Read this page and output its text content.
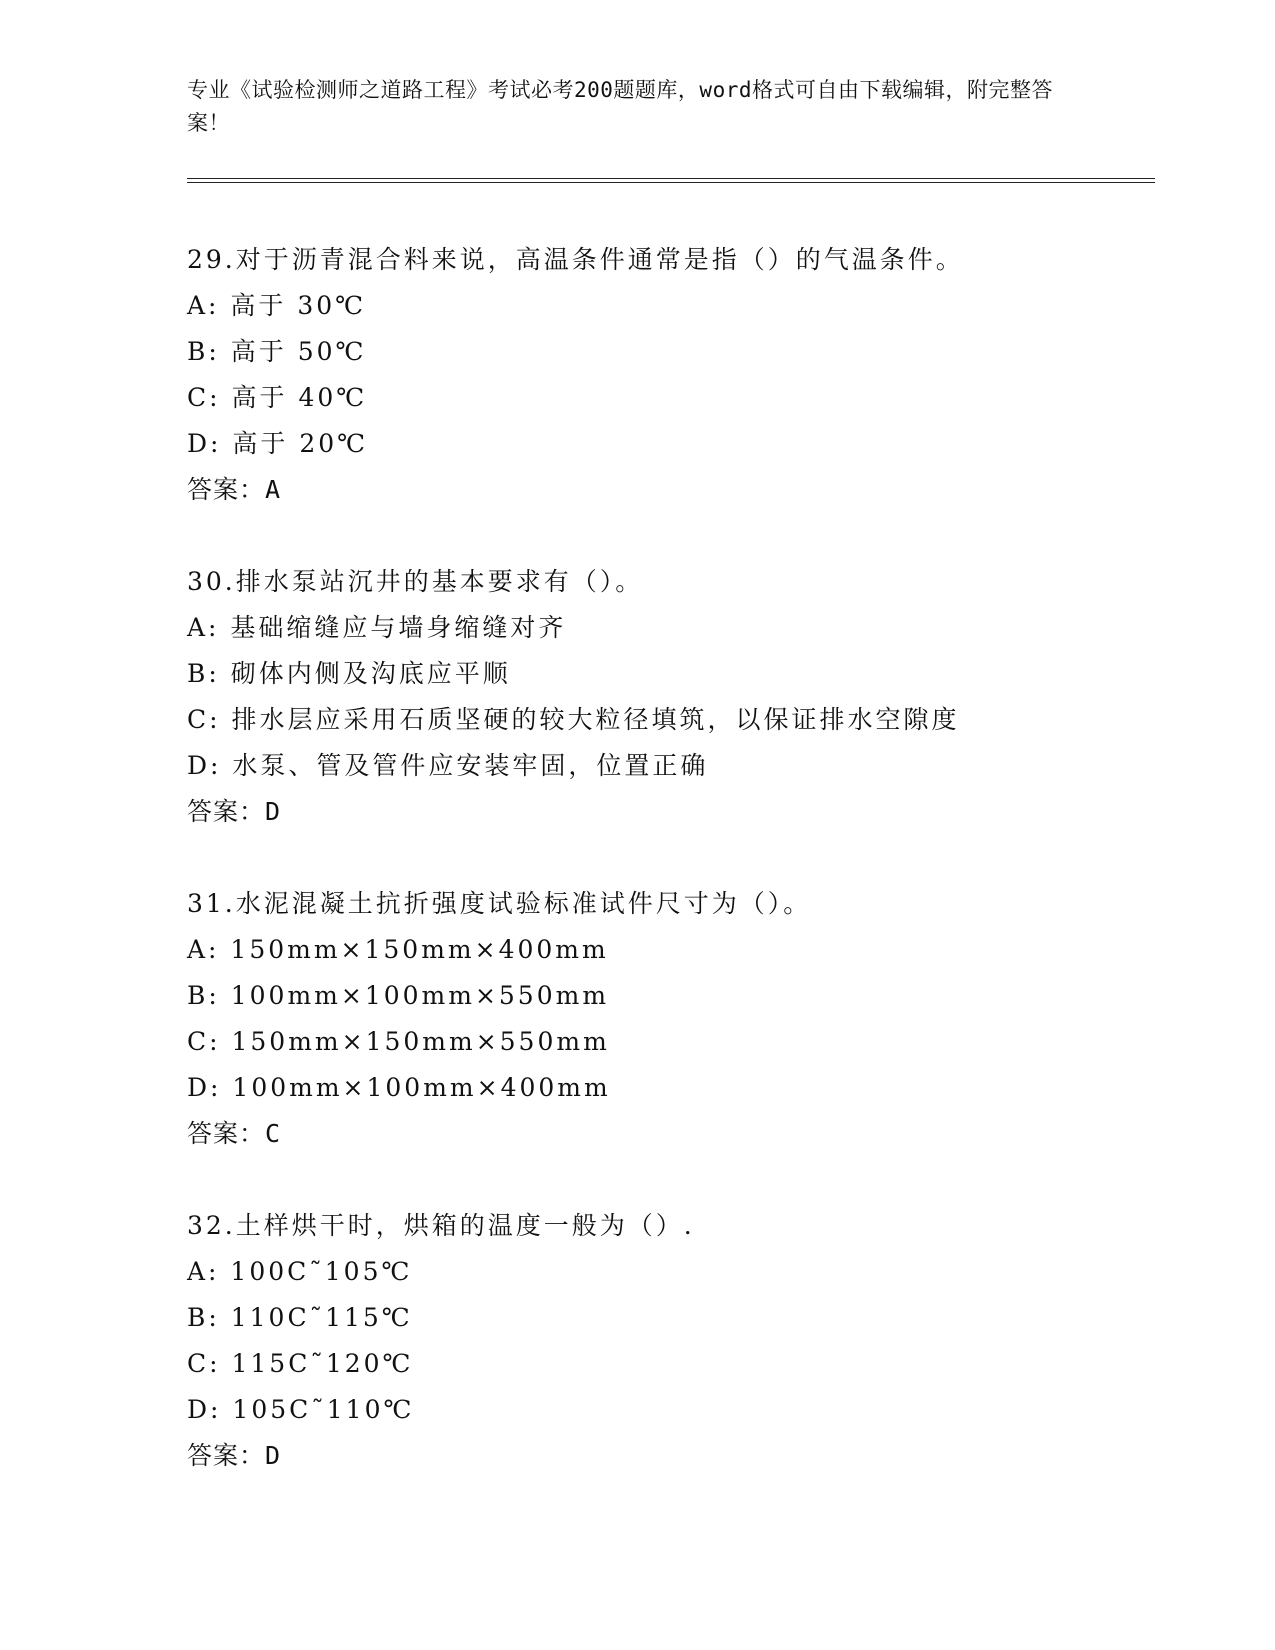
专业《试验检测师之道路工程》考试必考200题题库，word格式可自由下载编辑，附完整答案！
29.对于沥青混合料来说，高温条件通常是指（）的气温条件。
A: 高于 30℃
B: 高于 50℃
C: 高于 40℃
D: 高于 20℃
答案：A
30.排水泵站沉井的基本要求有（）。
A: 基础缩缝应与墙身缩缝对齐
B: 砌体内侧及沟底应平顺
C: 排水层应采用石质坚硬的较大粒径填筑，以保证排水空隙度
D: 水泵、管及管件应安装牢固，位置正确
答案：D
31.水泥混凝土抗折强度试验标准试件尺寸为（）。
A: 150mm×150mm×400mm
B: 100mm×100mm×550mm
C: 150mm×150mm×550mm
D: 100mm×100mm×400mm
答案：C
32.土样烘干时，烘箱的温度一般为（）.
A: 100C˜105℃
B: 110C˜115℃
C: 115C˜120℃
D: 105C˜110℃
答案：D
